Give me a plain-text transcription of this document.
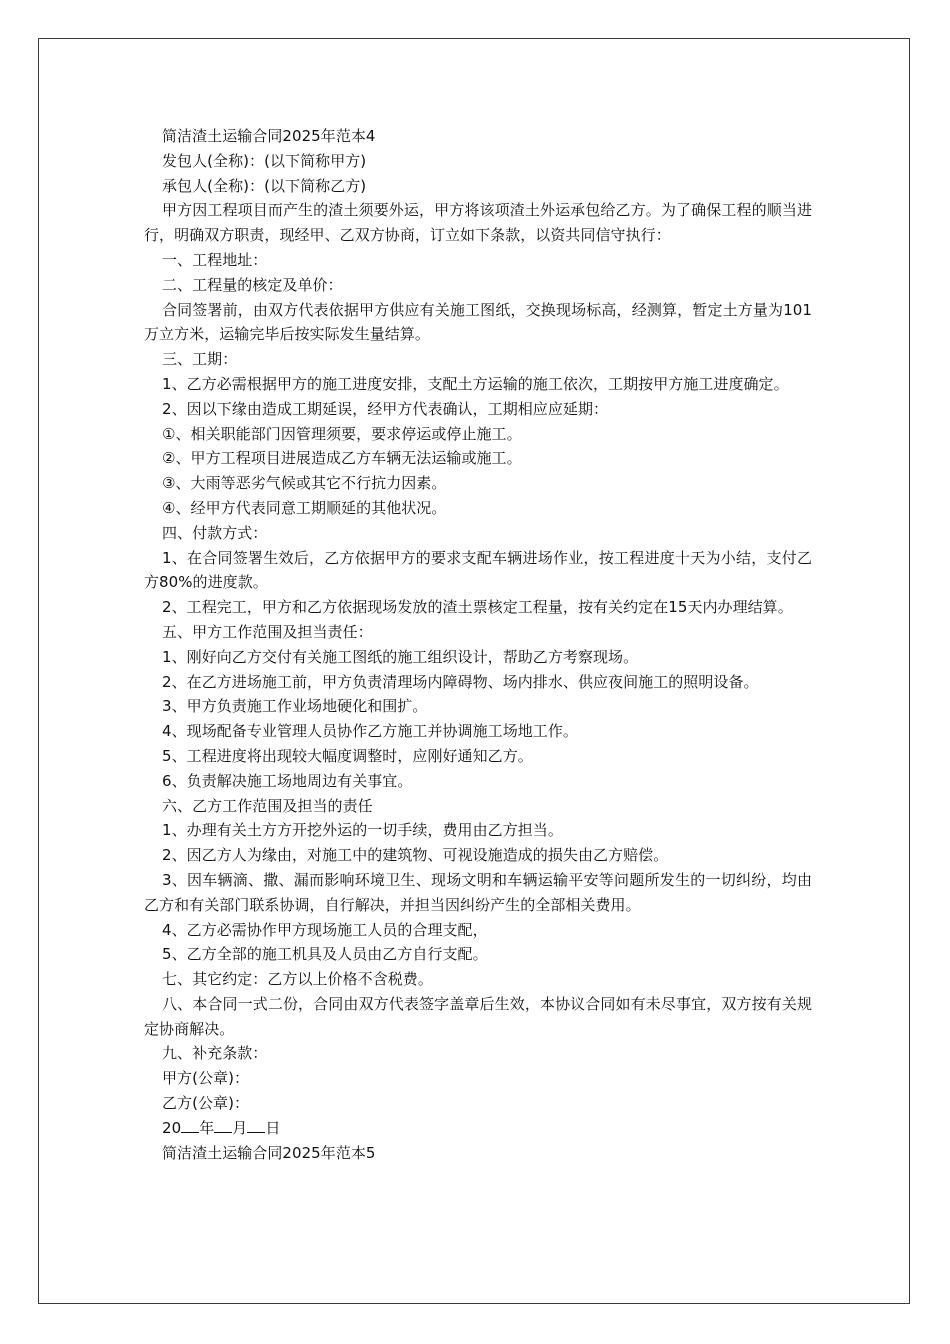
简洁渣土运输合同2025年范本4
发包人(全称)：(以下简称甲方)
承包人(全称)：(以下简称乙方)
甲方因工程项目而产生的渣土须要外运，甲方将该项渣土外运承包给乙方。为了确保工程的顺当进行，明确双方职责，现经甲、乙双方协商，订立如下条款，以资共同信守执行：
一、工程地址：
二、工程量的核定及单价：
合同签署前，由双方代表依据甲方供应有关施工图纸，交换现场标高，经测算，暂定土方量为101万立方米，运输完毕后按实际发生量结算。
三、工期：
1、乙方必需根据甲方的施工进度安排，支配土方运输的施工依次，工期按甲方施工进度确定。
2、因以下缘由造成工期延误，经甲方代表确认，工期相应应延期：
①、相关职能部门因管理须要，要求停运或停止施工。
②、甲方工程项目进展造成乙方车辆无法运输或施工。
③、大雨等恶劣气候或其它不行抗力因素。
④、经甲方代表同意工期顺延的其他状况。
四、付款方式：
1、在合同签署生效后，乙方依据甲方的要求支配车辆进场作业，按工程进度十天为小结，支付乙方80%的进度款。
2、工程完工，甲方和乙方依据现场发放的渣土票核定工程量，按有关约定在15天内办理结算。
五、甲方工作范围及担当责任：
1、刚好向乙方交付有关施工图纸的施工组织设计，帮助乙方考察现场。
2、在乙方进场施工前，甲方负责清理场内障碍物、场内排水、供应夜间施工的照明设备。
3、甲方负责施工作业场地硬化和围扩。
4、现场配备专业管理人员协作乙方施工并协调施工场地工作。
5、工程进度将出现较大幅度调整时，应刚好通知乙方。
6、负责解决施工场地周边有关事宜。
六、乙方工作范围及担当的责任
1、办理有关土方方开挖外运的一切手续，费用由乙方担当。
2、因乙方人为缘由，对施工中的建筑物、可视设施造成的损失由乙方赔偿。
3、因车辆滴、撒、漏而影响环境卫生、现场文明和车辆运输平安等问题所发生的一切纠纷，均由乙方和有关部门联系协调，自行解决，并担当因纠纷产生的全部相关费用。
4、乙方必需协作甲方现场施工人员的合理支配，
5、乙方全部的施工机具及人员由乙方自行支配。
七、其它约定：乙方以上价格不含税费。
八、本合同一式二份，合同由双方代表签字盖章后生效，本协议合同如有未尽事宜，双方按有关规定协商解决。
九、补充条款：
甲方(公章)：
乙方(公章)：
20 年 月 日
简洁渣土运输合同2025年范本5
